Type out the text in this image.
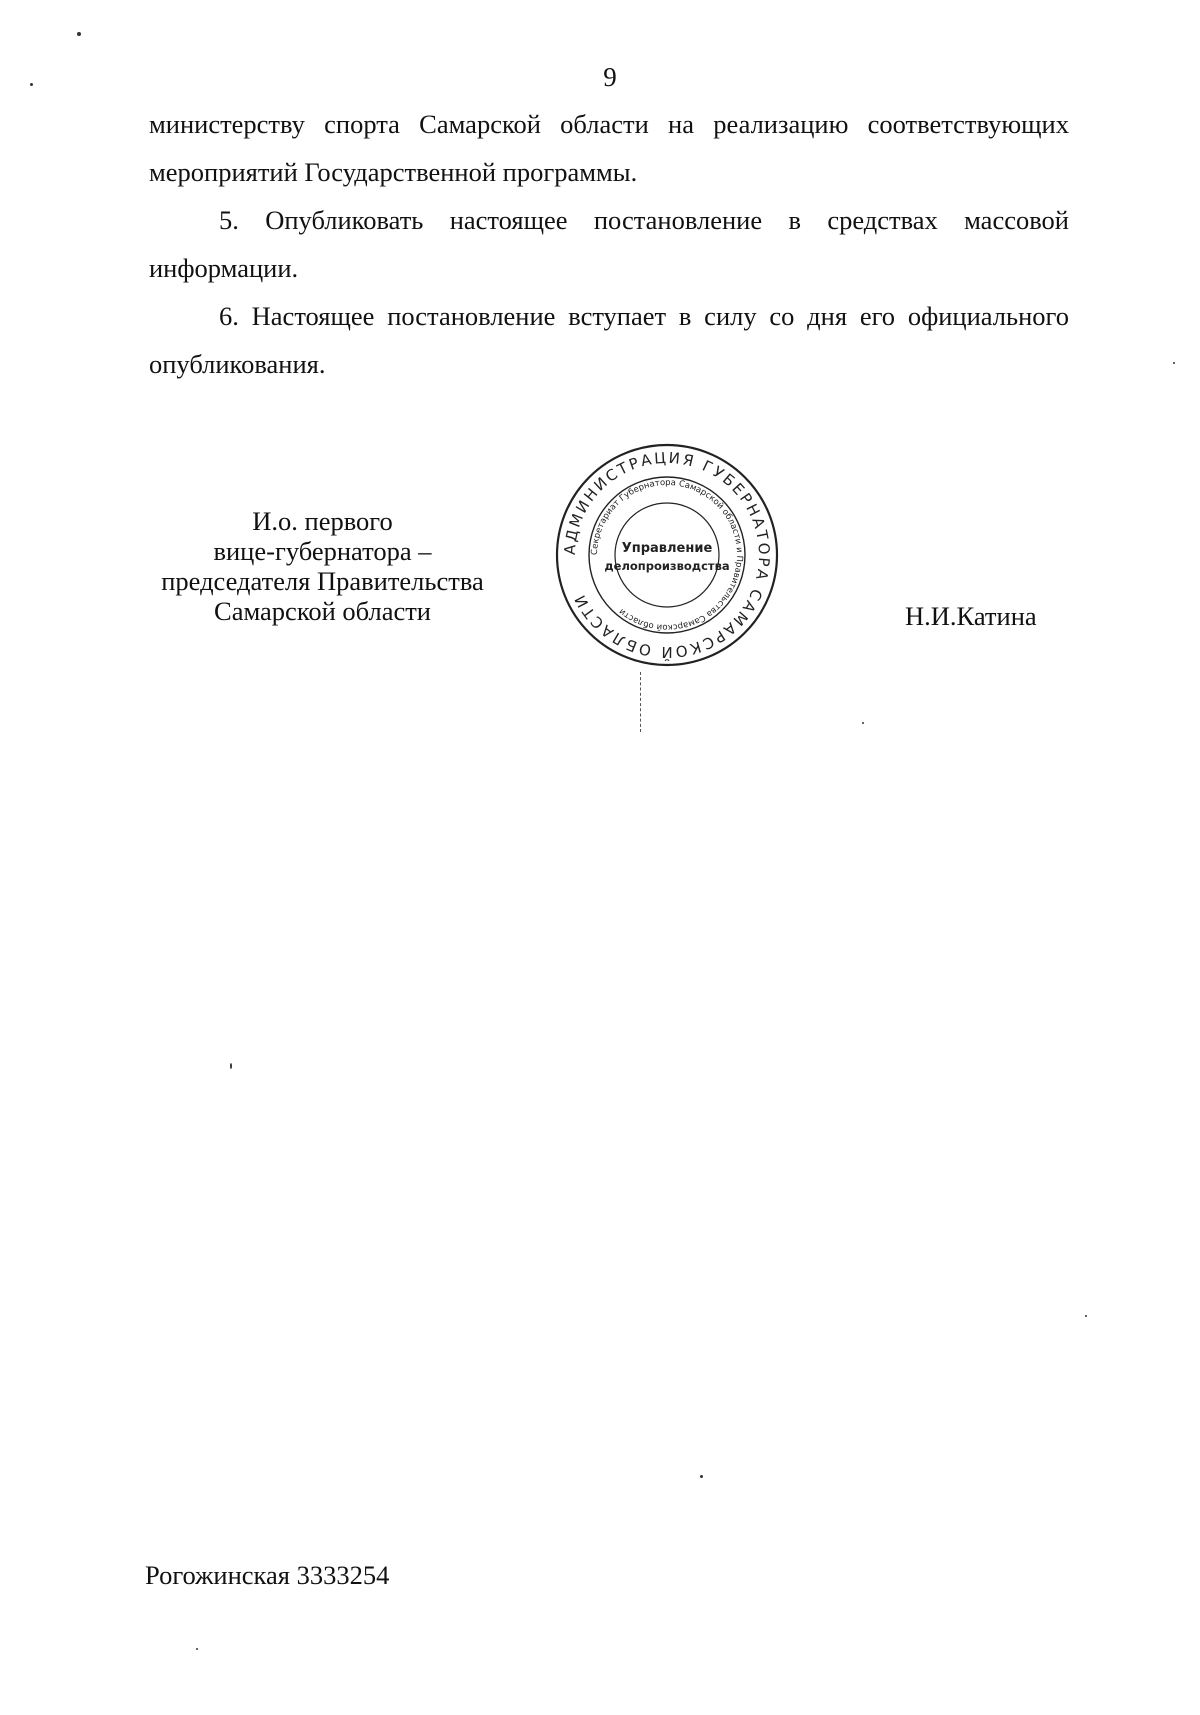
9

министерству спорта Самарской области на реализацию соответствующих мероприятий Государственной программы.

5. Опубликовать настоящее постановление в средствах массовой информации.

6. Настоящее постановление вступает в силу со дня его официального опубликования.

И.о. первого
вице-губернатора –
председателя Правительства
Самарской области
АДМИНИСТРАЦИЯ ГУБЕРНАТОРА САМАРСКОЙ ОБЛАСТИ
Секретариат Губернатора Самарской области и Правительства Самарской области
Управление
делопроизводства
Н.И.Катина
Рогожинская 3333254
